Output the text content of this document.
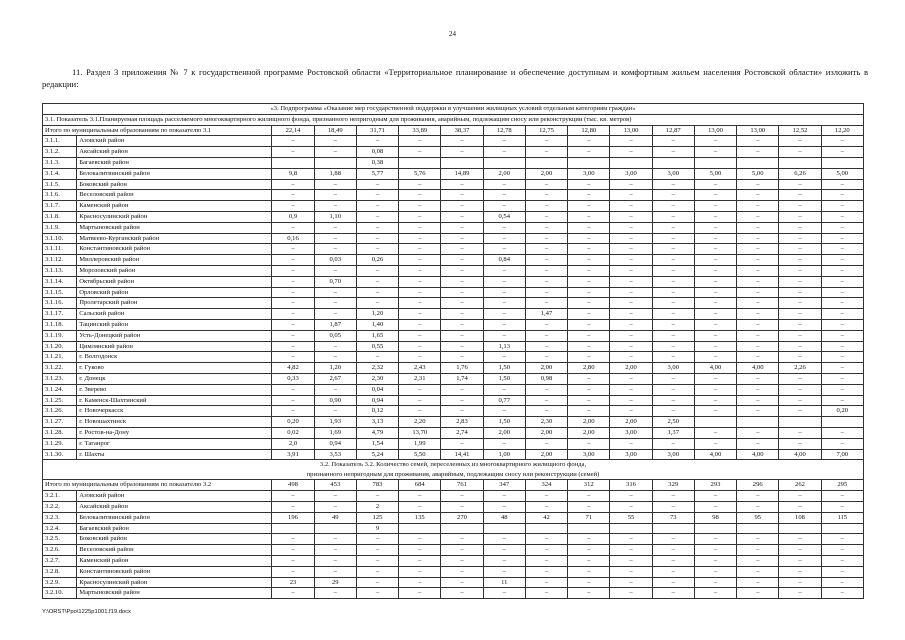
24
11. Раздел 3 приложения № 7 к государственной программе Ростовской области «Территориальное планирование и обеспечение доступным и комфортным жильем населения Ростовской области» изложить в редакции:
«3. Подпрограмма «Оказание мер государственной поддержки в улучшении жилищных условий отдельным категориям граждан»															
3.1. Показатель 3.1.Планируемая площадь расселяемого многоквартирного жилищного фонда, признанного непригодным для проживания, аварийным, подлежащим сносу или реконструкции (тыс. кв. метров)															
Итого по муниципальным образованиям по показателю 3.1		22,14	18,49	31,71	33,89	38,37	12,78	12,75	12,80	13,00	12,87	13,00	13,00	12,52	12,20
3.1.1.	Азовский район	–	–	–	–	–	–	–	–	–	–	–	–	–	–
3.1.2.	Аксайский район	–	–	0,08	–	–	–	–	–	–	–	–	–	–	–
3.1.3.	Багаевский район			0,38											
3.1.4.	Белокалитвинский район	9,8	1,88	5,77	5,76	14,89	2,00	2,00	3,00	3,00	3,00	5,00	5,00	6,26	5,00
3.1.5.	Боковский район	–	–	–	–	–	–	–	–	–	–	–	–	–	–
3.1.6.	Веселовский район	–	–	–	–	–	–	–	–	–	–	–	–	–	–
3.1.7.	Каменский район	–	–	–	–	–	–	–	–	–	–	–	–	–	–
3.1.8.	Красносулинский район	0,9	1,10	–	–	–	0,54	–	–	–	–	–	–	–	–
3.1.9.	Мартыновский район	–	–	–	–	–	–	–	–	–	–	–	–	–	–
3.1.10.	Матвеево-Курганский район	0,16	–	–	–	–	–	–	–	–	–	–	–	–	–
3.1.11.	Константиновский район	–	–	–	–	–	–	–	–	–	–	–	–	–	–
3.1.12.	Миллеровский район	–	0,03	0,26	–	–	0,84	–	–	–	–	–	–	–	–
3.1.13.	Морозовский район	–	–	–	–	–	–	–	–	–	–	–	–	–	–
3.1.14.	Октябрьский район	–	0,70	–	–	–	–	–	–	–	–	–	–	–	–
3.1.15.	Орловский район	–	–	–	–	–	–	–	–	–	–	–	–	–	–
3.1.16.	Пролетарский район	–	–	–	–	–	–	–	–	–	–	–	–	–	–
3.1.17.	Сальский район	–	–	1,20	–	–	–	1,47	–	–	–	–	–	–	–
3.1.18.	Тацинский район	–	1,87	1,40	–	–	–	–	–	–	–	–	–	–	–
3.1.19.	Усть-Донецкий район	–	0,05	1,65	–	–	–	–	–	–	–	–	–	–	–
3.1.20.	Цимлянский район	–	–	0,55	–	–	1,13	–	–	–	–	–	–	–	–
3.1.21.	г. Волгодонск	–	–	–	–	–	–	–	–	–	–	–	–	–	–
3.1.22.	г. Гуково	4,82	1,20	2,32	2,43	1,76	1,50	2,00	2,80	2,00	3,00	4,00	4,00	2,26	–
3.1.23.	г. Донецк	0,33	2,67	2,30	2,31	1,74	1,50	0,98	–	–	–	–	–	–	–
3.1.24.	г. Зверево	–	–	0,04	–	–	–	–	–	–	–	–	–	–	–
3.1.25.	г. Каменск-Шахтинский	–	0,90	0,94	–	–	0,77	–	–	–	–	–	–	–	–
3.1.26.	г. Новочеркасск	–	–	0,12	–	–	–	–	–	–	–	–	–	–	0,20
3.1.27.	г. Новошахтинск	0,20	1,93	3,13	2,20	2,83	1,50	2,30	2,00	2,00	2,50				
3.1.28.	г. Ростов-на-Дону	0,02	1,69	4,79	13,70	2,74	2,00	2,00	2,00	3,00	1,37	–	–	–	–
3.1.29.	г. Таганрог	2,0	0,94	1,54	1,99	–	–	–	–	–	–	–	–	–	–
3.1.30.	г. Шахты	3,91	3,53	5,24	5,50	14,41	1,00	2,00	3,00	3,00	3,00	4,00	4,00	4,00	7,00

3.2. Показатель 3.2. Количество семей, переселенных из многоквартирного жилищного фонда,
признанного непригодным для проживания, аварийным, подлежащим сносу или реконструкции (семей)															

Итого по муниципальным образованиям по показателю 3.2		498	453	783	684	761	347	324	312	316	329	293	296	262	295
3.2.1.	Азовский район	–	–	–	–	–	–	–	–	–	–	–	–	–	–
3.2.2.	Аксайский район	–	–	2	–	–	–	–	–	–	–	–	–	–	–
3.2.3.	Белокалитвинский район	196	49	125	135	270	48	42	71	55	73	98	95	108	115
3.2.4.	Багаевский район			9											
3.2.5.	Боковский район	–	–	–	–	–	–	–	–	–	–	–	–	–	–
3.2.6.	Веселовский район	–	–	–	–	–	–	–	–	–	–	–	–	–	–
3.2.7.	Каменский район	–	–	–	–	–	–	–	–	–	–	–	–	–	–
3.2.8.	Константиновский район	–	–	–	–	–	–	–	–	–	–	–	–	–	–
3.2.9.	Красносулинский район	23	29	–	–	–	11	–	–	–	–	–	–	–	–
3.2.10.	Мартыновский район	–	–	–	–	–	–	–	–	–	–	–	–	–	–
Y:\ORST\Ppo\1225p1001.f19.docx
